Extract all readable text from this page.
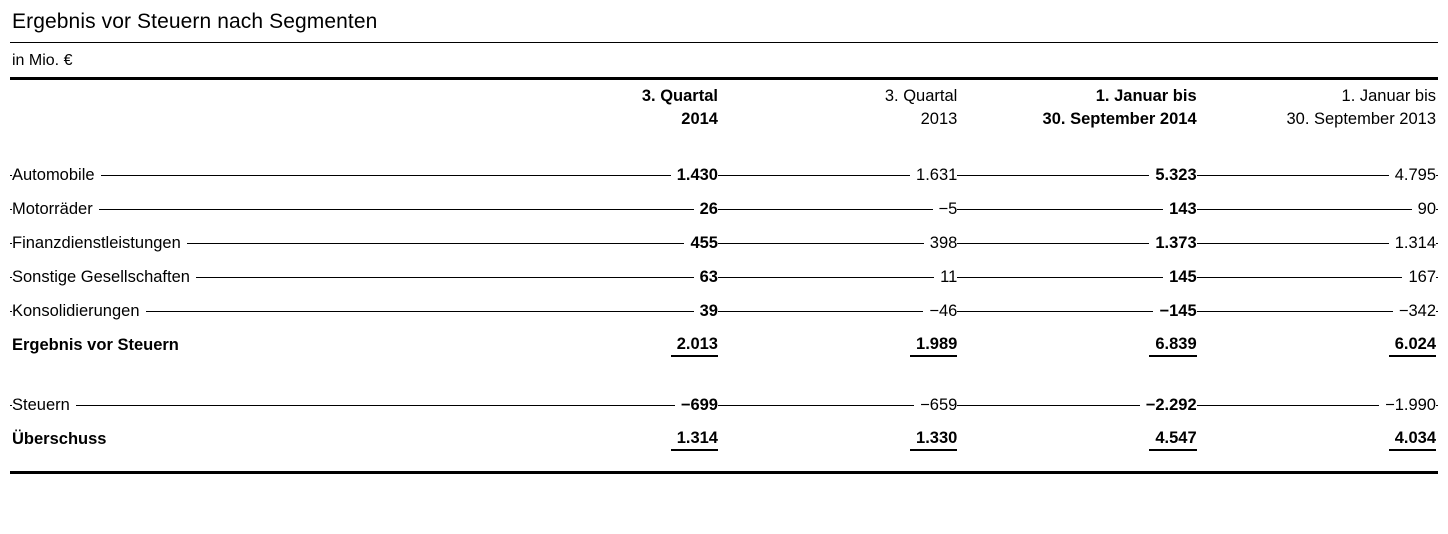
Ergebnis vor Steuern nach Segmenten
in Mio. €

3. Quartal
2014

3. Quartal
2013

1. Januar bis
30. September 2014

1. Januar bis
30. September 2013

Automobile	1.430	1.631	5.323	4.795

Motorräder	26	−5	143	90

Finanzdienstleistungen	455	398	1.373	1.314

Sonstige Gesellschaften	63	11	145	167

Konsolidierungen	39	−46	−145	−342
Ergebnis vor Steuern	2.013	1.989	6.839	6.024

Steuern	−699	−659	−2.292	−1.990
Überschuss	1.314	1.330	4.547	4.034
